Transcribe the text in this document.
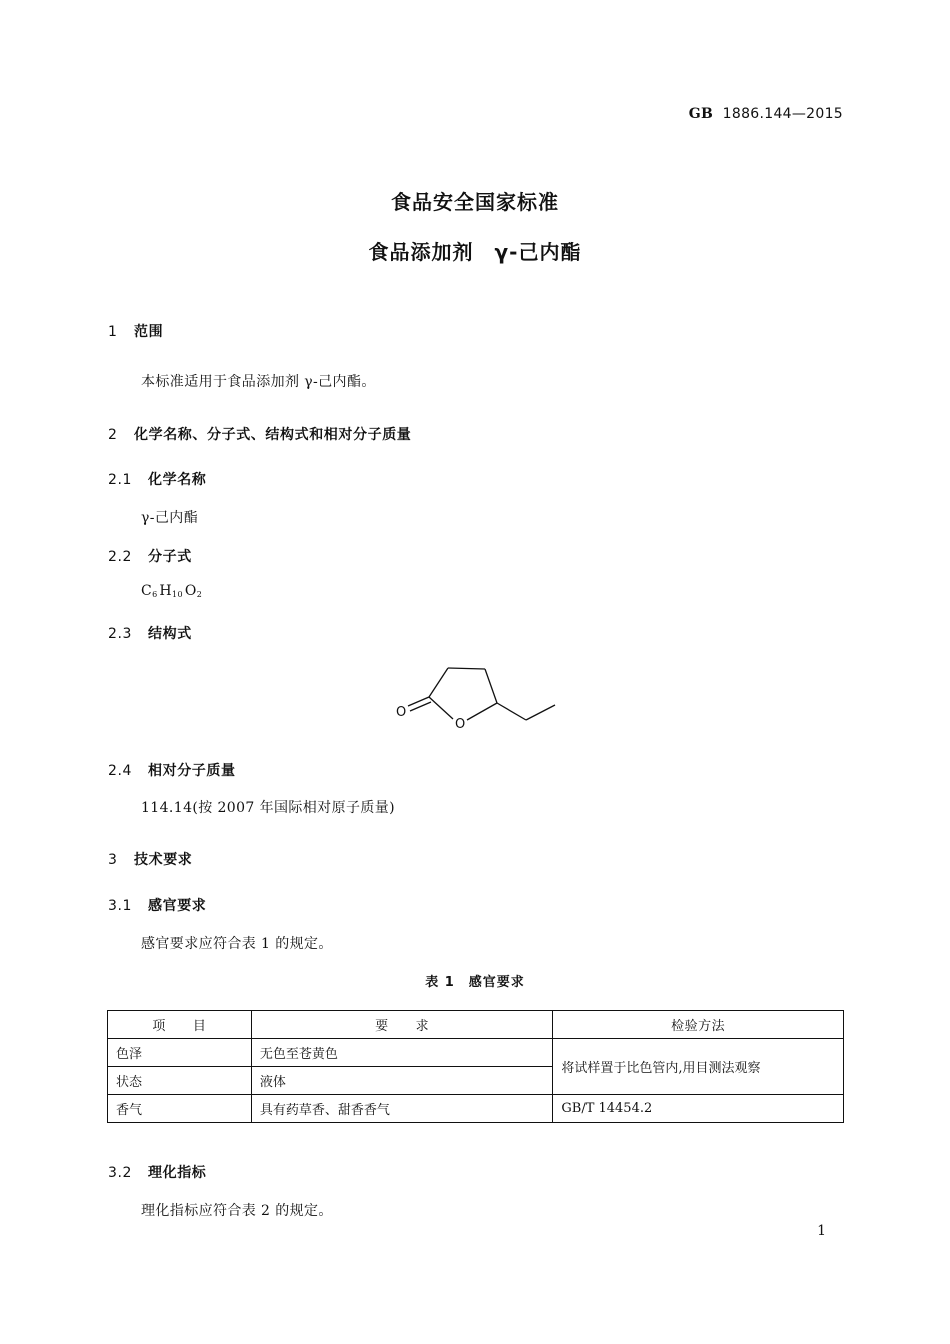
GB 1886.144—2015
食品安全国家标准
食品添加剂　γ-己内酯
1 范围
本标准适用于食品添加剂 γ-己内酯。
2 化学名称、分子式、结构式和相对分子质量
2.1 化学名称
γ-己内酯
2.2 分子式
$C_6$  $H_{10}$  $O_2$
2.3 结构式
O
O
2.4 相对分子质量
114.14(按 2007 年国际相对原子质量)
3 技术要求
3.1 感官要求
感官要求应符合表 1 的规定。
表 1　感官要求
项　　目	要　　求	检验方法
色泽	无色至苍黄色	将试样置于比色管内,用目测法观察
状态	液体	
香气	具有药草香、甜香香气	GB/T 14454.2
3.2 理化指标
理化指标应符合表 2 的规定。
1
